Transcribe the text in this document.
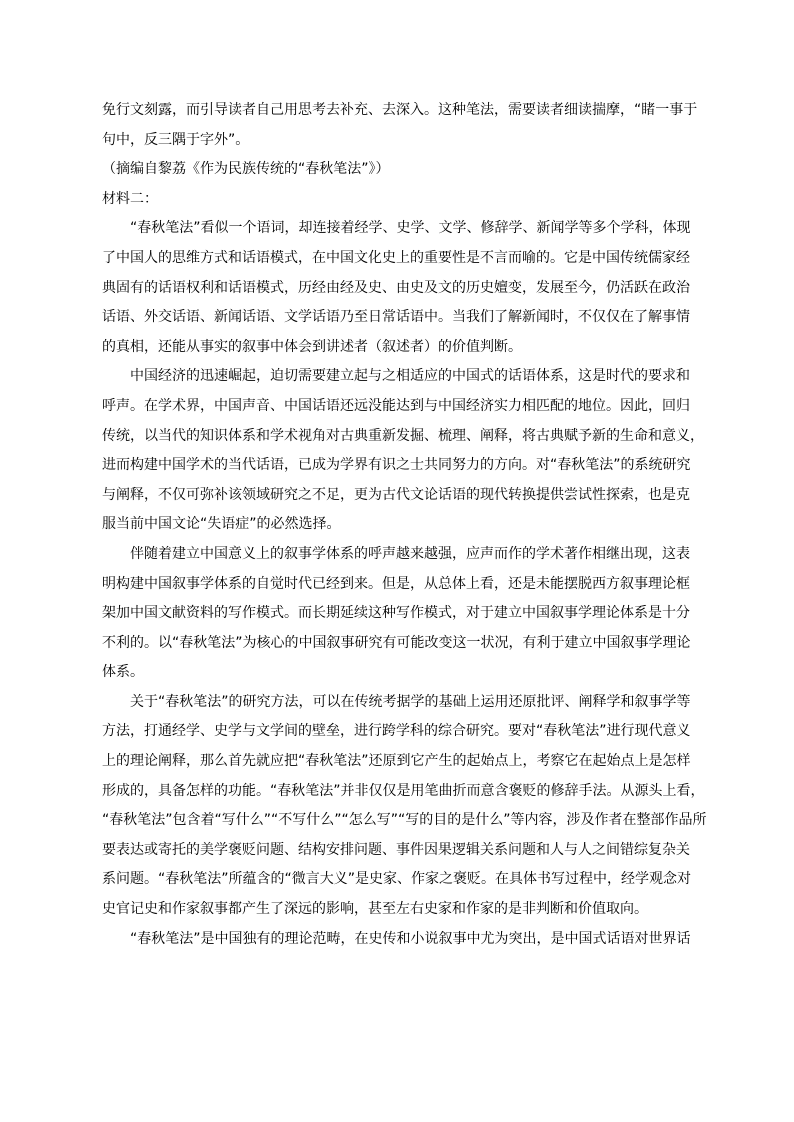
免行文刻露，而引导读者自己用思考去补充、去深入。这种笔法，需要读者细读揣摩，“睹一事于
句中，反三隅于字外”。

（摘编自黎荔《作为民族传统的“春秋笔法”》）

材料二：

“春秋笔法”看似一个语词，却连接着经学、史学、文学、修辞学、新闻学等多个学科，体现
了中国人的思维方式和话语模式，在中国文化史上的重要性是不言而喻的。它是中国传统儒家经
典固有的话语权利和话语模式，历经由经及史、由史及文的历史嬗变，发展至今，仍活跃在政治
话语、外交话语、新闻话语、文学话语乃至日常话语中。当我们了解新闻时，不仅仅在了解事情
的真相，还能从事实的叙事中体会到讲述者（叙述者）的价值判断。

中国经济的迅速崛起，迫切需要建立起与之相适应的中国式的话语体系，这是时代的要求和
呼声。在学术界，中国声音、中国话语还远没能达到与中国经济实力相匹配的地位。因此，回归
传统，以当代的知识体系和学术视角对古典重新发掘、梳理、阐释，将古典赋予新的生命和意义，
进而构建中国学术的当代话语，已成为学界有识之士共同努力的方向。对“春秋笔法”的系统研究
与阐释，不仅可弥补该领域研究之不足，更为古代文论话语的现代转换提供尝试性探索，也是克
服当前中国文论“失语症”的必然选择。

伴随着建立中国意义上的叙事学体系的呼声越来越强，应声而作的学术著作相继出现，这表
明构建中国叙事学体系的自觉时代已经到来。但是，从总体上看，还是未能摆脱西方叙事理论框
架加中国文献资料的写作模式。而长期延续这种写作模式，对于建立中国叙事学理论体系是十分
不利的。以“春秋笔法”为核心的中国叙事研究有可能改变这一状况，有利于建立中国叙事学理论
体系。

关于“春秋笔法”的研究方法，可以在传统考据学的基础上运用还原批评、阐释学和叙事学等
方法，打通经学、史学与文学间的壁垒，进行跨学科的综合研究。要对“春秋笔法”进行现代意义
上的理论阐释，那么首先就应把“春秋笔法”还原到它产生的起始点上，考察它在起始点上是怎样
形成的，具备怎样的功能。“春秋笔法”并非仅仅是用笔曲折而意含褒贬的修辞手法。从源头上看，
“春秋笔法”包含着“写什么”“不写什么”“怎么写”“写的目的是什么”等内容，涉及作者在整部作品所
要表达或寄托的美学褒贬问题、结构安排问题、事件因果逻辑关系问题和人与人之间错综复杂关
系问题。“春秋笔法”所蕴含的“微言大义”是史家、作家之褒贬。在具体书写过程中，经学观念对
史官记史和作家叙事都产生了深远的影响，甚至左右史家和作家的是非判断和价值取向。

“春秋笔法”是中国独有的理论范畴，在史传和小说叙事中尤为突出，是中国式话语对世界话
